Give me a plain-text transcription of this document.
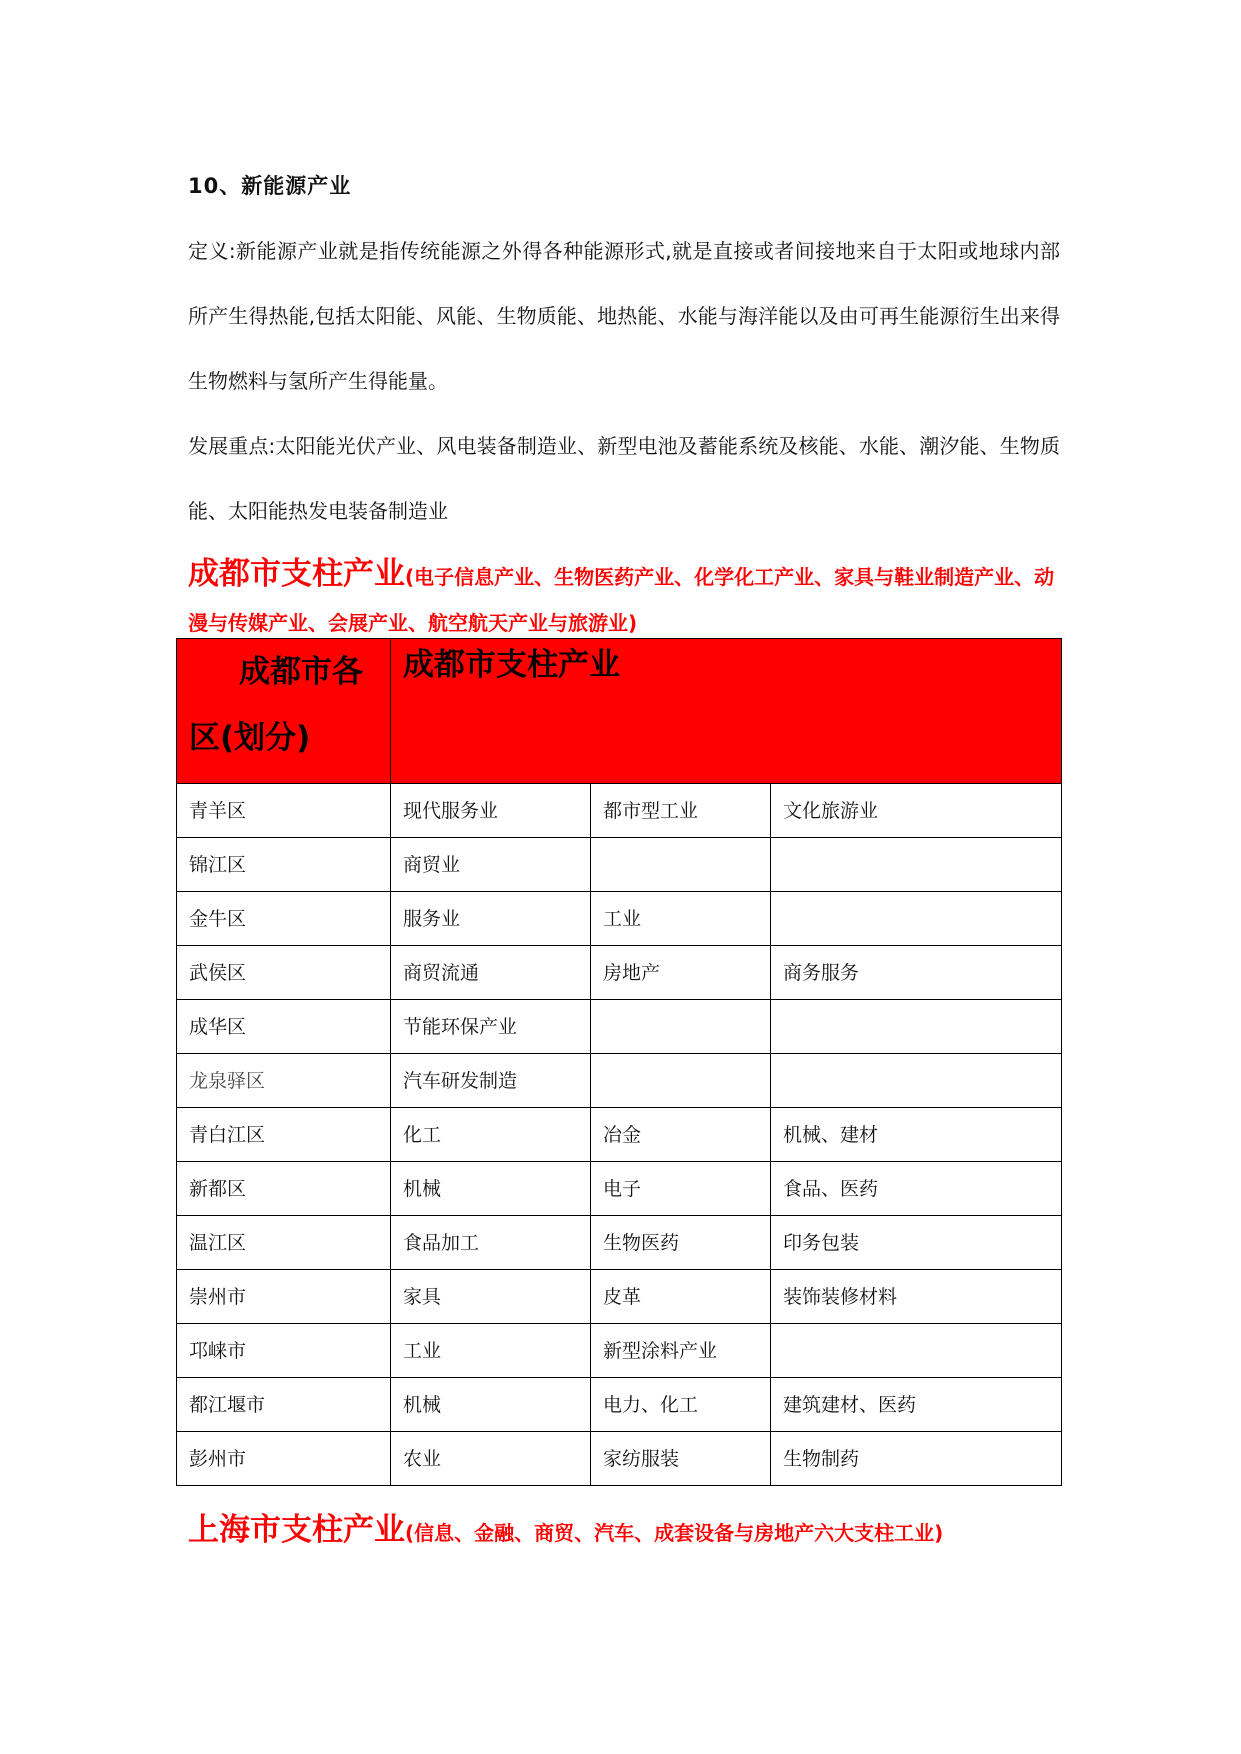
10、新能源产业

定义:新能源产业就是指传统能源之外得各种能源形式,就是直接或者间接地来自于太阳或地球内部所产生得热能,包括太阳能、风能、生物质能、地热能、水能与海洋能以及由可再生能源衍生出来得生物燃料与氢所产生得能量。

发展重点:太阳能光伏产业、风电装备制造业、新型电池及蓄能系统及核能、水能、潮汐能、生物质能、太阳能热发电装备制造业

成都市支柱产业(电子信息产业、生物医药产业、化学化工产业、家具与鞋业制造产业、动漫与传媒产业、会展产业、航空航天产业与旅游业)

成都市各区(划分)	成都市支柱产业		
青羊区	现代服务业	都市型工业	文化旅游业
锦江区	商贸业		
金牛区	服务业	工业	
武侯区	商贸流通	房地产	商务服务
成华区	节能环保产业		
龙泉驿区	汽车研发制造		
青白江区	化工	冶金	机械、建材
新都区	机械	电子	食品、医药
温江区	食品加工	生物医药	印务包装
崇州市	家具	皮革	装饰装修材料
邛崃市	工业	新型涂料产业	
都江堰市	机械	电力、化工	建筑建材、医药
彭州市	农业	家纺服装	生物制药

上海市支柱产业(信息、金融、商贸、汽车、成套设备与房地产六大支柱工业)
